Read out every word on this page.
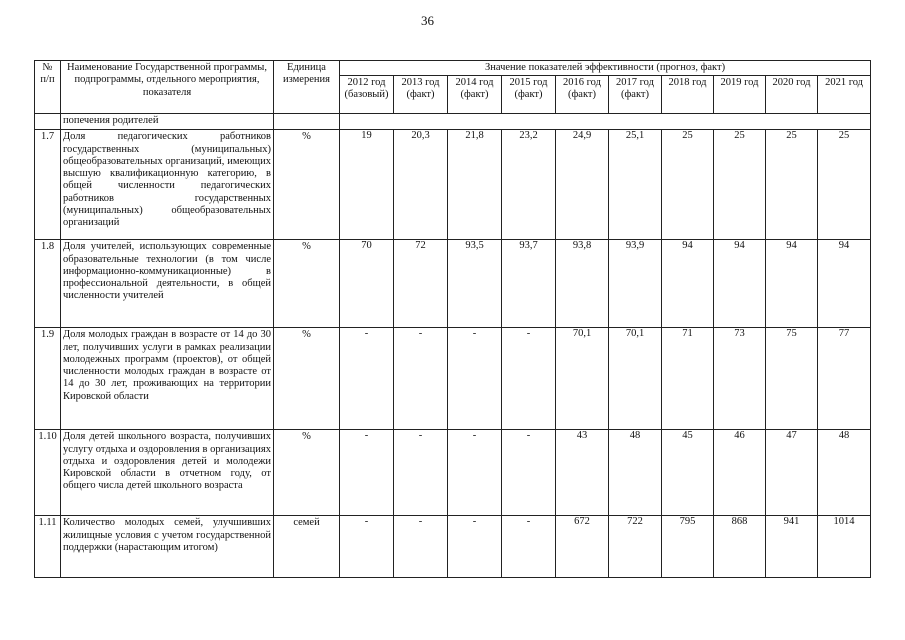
36
№ п/п	Наименование Государственной программы, подпрограммы, отдельного мероприятия, показателя	Единица измерения	Значение показателей эффективности (прогноз, факт)									
			2012 год (базовый)	2013 год (факт)	2014 год (факт)	2015 год (факт)	2016 год (факт)	2017 год (факт)	2018 год	2019 год	2020 год	2021 год
	попечения родителей											
1.7	Доля педагогических работников государственных (муниципальных) общеобразовательных организаций, имеющих высшую квалификационную категорию, в общей численности педагогических работников государственных (муниципальных) общеобразовательных организаций	%	19	20,3	21,8	23,2	24,9	25,1	25	25	25	25
1.8	Доля учителей, использующих современные образовательные технологии (в том числе информационно-коммуникационные) в профессиональной деятельности, в общей численности учителей	%	70	72	93,5	93,7	93,8	93,9	94	94	94	94
1.9	Доля молодых граждан в возрасте от 14 до 30 лет, получивших услуги в рамках реализации молодежных программ (проектов), от общей численности молодых граждан в возрасте от 14 до 30 лет, проживающих на территории Кировской области	%	-	-	-	-	70,1	70,1	71	73	75	77
1.10	Доля детей школьного возраста, получивших услугу отдыха и оздоровления в организациях отдыха и оздоровления детей и молодежи Кировской области в отчетном году, от общего числа детей школьного возраста	%	-	-	-	-	43	48	45	46	47	48
1.11	Количество молодых семей, улучшивших жилищные условия с учетом государственной поддержки (нарастающим итогом)	семей	-	-	-	-	672	722	795	868	941	1014
